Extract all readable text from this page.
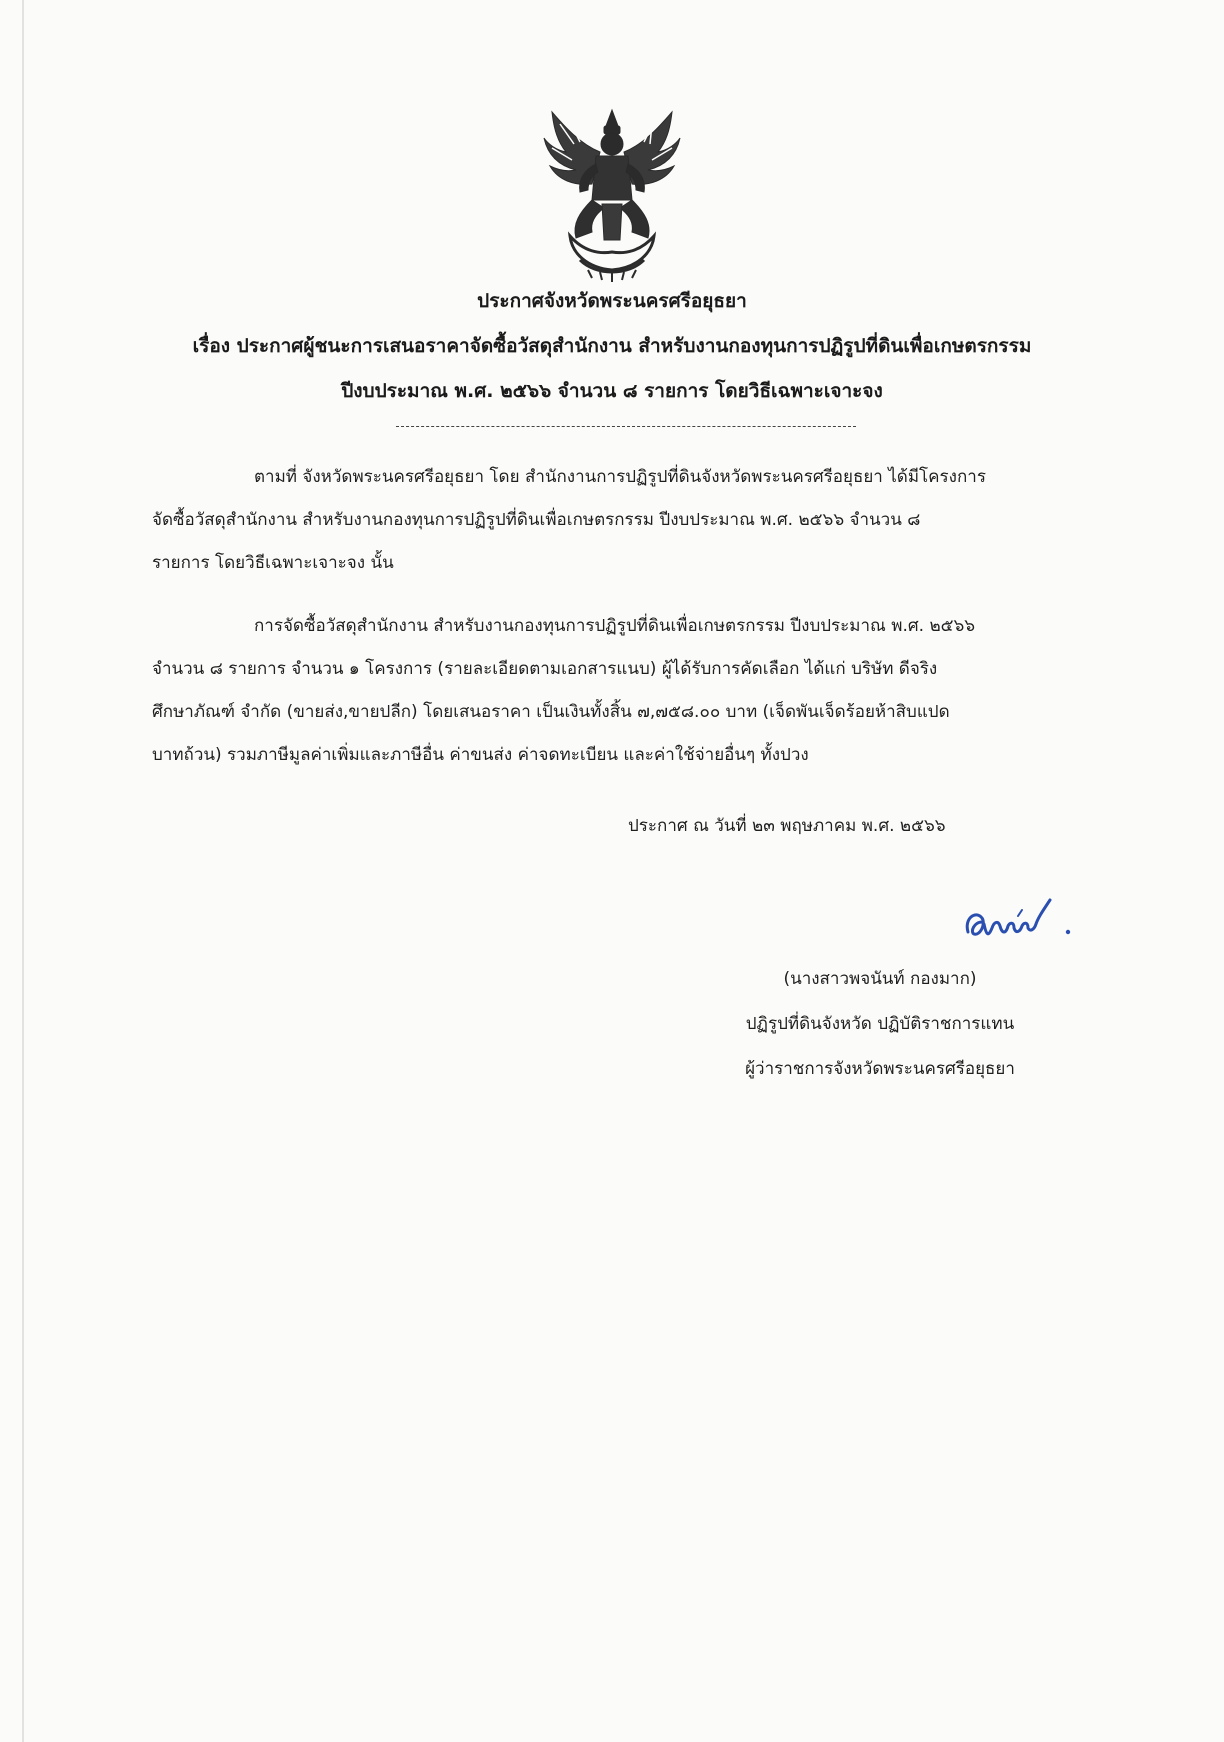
ประกาศจังหวัดพระนครศรีอยุธยา
เรื่อง ประกาศผู้ชนะการเสนอราคาจัดซื้อวัสดุสำนักงาน สำหรับงานกองทุนการปฏิรูปที่ดินเพื่อเกษตรกรรม
ปีงบประมาณ พ.ศ. ๒๕๖๖ จำนวน ๘ รายการ โดยวิธีเฉพาะเจาะจง
ตามที่ จังหวัดพระนครศรีอยุธยา โดย สำนักงานการปฏิรูปที่ดินจังหวัดพระนครศรีอยุธยา ได้มีโครงการ
จัดซื้อวัสดุสำนักงาน สำหรับงานกองทุนการปฏิรูปที่ดินเพื่อเกษตรกรรม ปีงบประมาณ พ.ศ. ๒๕๖๖ จำนวน ๘
รายการ โดยวิธีเฉพาะเจาะจง นั้น
การจัดซื้อวัสดุสำนักงาน สำหรับงานกองทุนการปฏิรูปที่ดินเพื่อเกษตรกรรม ปีงบประมาณ พ.ศ. ๒๕๖๖
จำนวน ๘ รายการ จำนวน ๑ โครงการ (รายละเอียดตามเอกสารแนบ) ผู้ได้รับการคัดเลือก ได้แก่ บริษัท ดีจริง
ศึกษาภัณฑ์ จำกัด (ขายส่ง,ขายปลีก) โดยเสนอราคา เป็นเงินทั้งสิ้น ๗,๗๕๘.๐๐ บาท (เจ็ดพันเจ็ดร้อยห้าสิบแปด
บาทถ้วน) รวมภาษีมูลค่าเพิ่มและภาษีอื่น ค่าขนส่ง ค่าจดทะเบียน และค่าใช้จ่ายอื่นๆ ทั้งปวง
ประกาศ ณ วันที่ ๒๓ พฤษภาคม พ.ศ. ๒๕๖๖
(นางสาวพจนันท์ กองมาก)
ปฏิรูปที่ดินจังหวัด ปฏิบัติราชการแทน
ผู้ว่าราชการจังหวัดพระนครศรีอยุธยา
